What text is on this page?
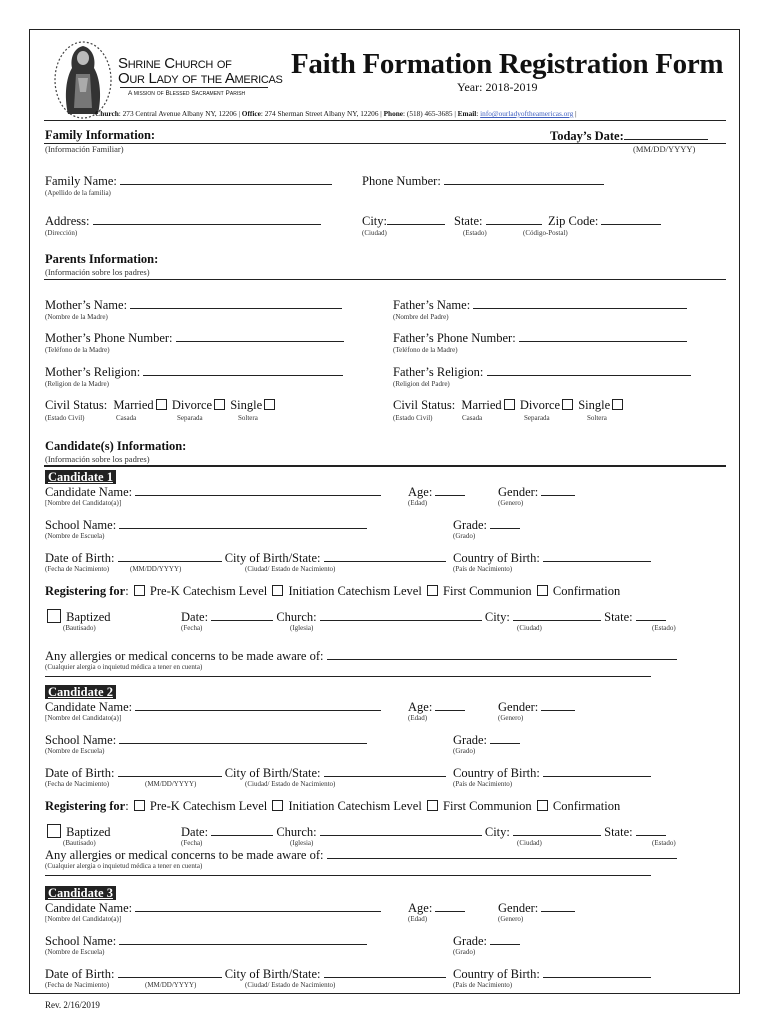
Shrine Church of
Our Lady of the Americas
A mission of Blessed Sacrament Parish
Faith Formation Registration Form
Year: 2018-2019
Church: 273 Central Avenue Albany NY, 12206 | Office: 274 Sherman Street Albany NY, 12206 | Phone: (518) 465-3685 | Email: info@ourladyoftheamericas.org |
Family Information:
(Información Familiar)
Today’s Date:
(MM/DD/YYYY)
Family Name:
(Apellido de la familia)
Phone Number:
Address:
(Dirección)
City:
(Ciudad)
State:
(Estado)
Zip Code:
(Código-Postal)
Parents Information:
(Información sobre los padres)
Mother’s Name:
(Nombre de la Madre)
Father’s Name:
(Nombre del Padre)
Mother’s Phone Number:
(Teléfono de la Madre)
Father’s Phone Number:
(Teléfono de la Madre)
Mother’s Religion:
(Religion de la Madre)
Father’s Religion:
(Religion del Padre)
Civil Status: Married Divorce Single
(Estado Civil)	Casada	Separada	Soltera
Civil Status: Married Divorce Single
(Estado Civil)	Casada	Separada	Soltera
Candidate(s) Information:
(Información sobre los padres)
Candidate 1
Candidate Name:
[Nombre del Candidato(a)]
Age:
(Edad)
Gender:
(Genero)
School Name:
(Nombre de Escuela)
Grade:
(Grado)
Date of Birth:	City of Birth/State:
(Fecha de Nacimiento)	(MM/DD/YYYY)	(Ciudad/ Estado de Nacimiento)
Country of Birth:
(País de Nacimiento)
Registering for: Pre-K Catechism Level Initiation Catechism Level First Communion Confirmation
Baptized
(Bautisado)
Date:	Church:	City:	State:
(Fecha)	(Iglesia)	(Ciudad)	(Estado)
Any allergies or medical concerns to be made aware of:
(Cualquier alergia o inquietud médica a tener en cuenta)
Candidate 2
Candidate Name:
[Nombre del Candidato(a)]
Age:
(Edad)
Gender:
(Genero)
School Name:
(Nombre de Escuela)
Grade:
(Grado)
Date of Birth:	City of Birth/State:
(Fecha de Nacimiento)	(MM/DD/YYYY)	(Ciudad/ Estado de Nacimiento)
Country of Birth:
(País de Nacimiento)
Registering for: Pre-K Catechism Level Initiation Catechism Level First Communion Confirmation
Baptized
(Bautisado)
Date:	Church:	City:	State:
(Fecha)	(Iglesia)	(Ciudad)	(Estado)
Any allergies or medical concerns to be made aware of:
(Cualquier alergia o inquietud médica a tener en cuenta)
Candidate 3
Candidate Name:
[Nombre del Candidato(a)]
Age:
(Edad)
Gender:
(Genero)
School Name:
(Nombre de Escuela)
Grade:
(Grado)
Date of Birth:	City of Birth/State:
(Fecha de Nacimiento)	(MM/DD/YYYY)	(Ciudad/ Estado de Nacimiento)
Country of Birth:
(País de Nacimiento)
Rev. 2/16/2019
